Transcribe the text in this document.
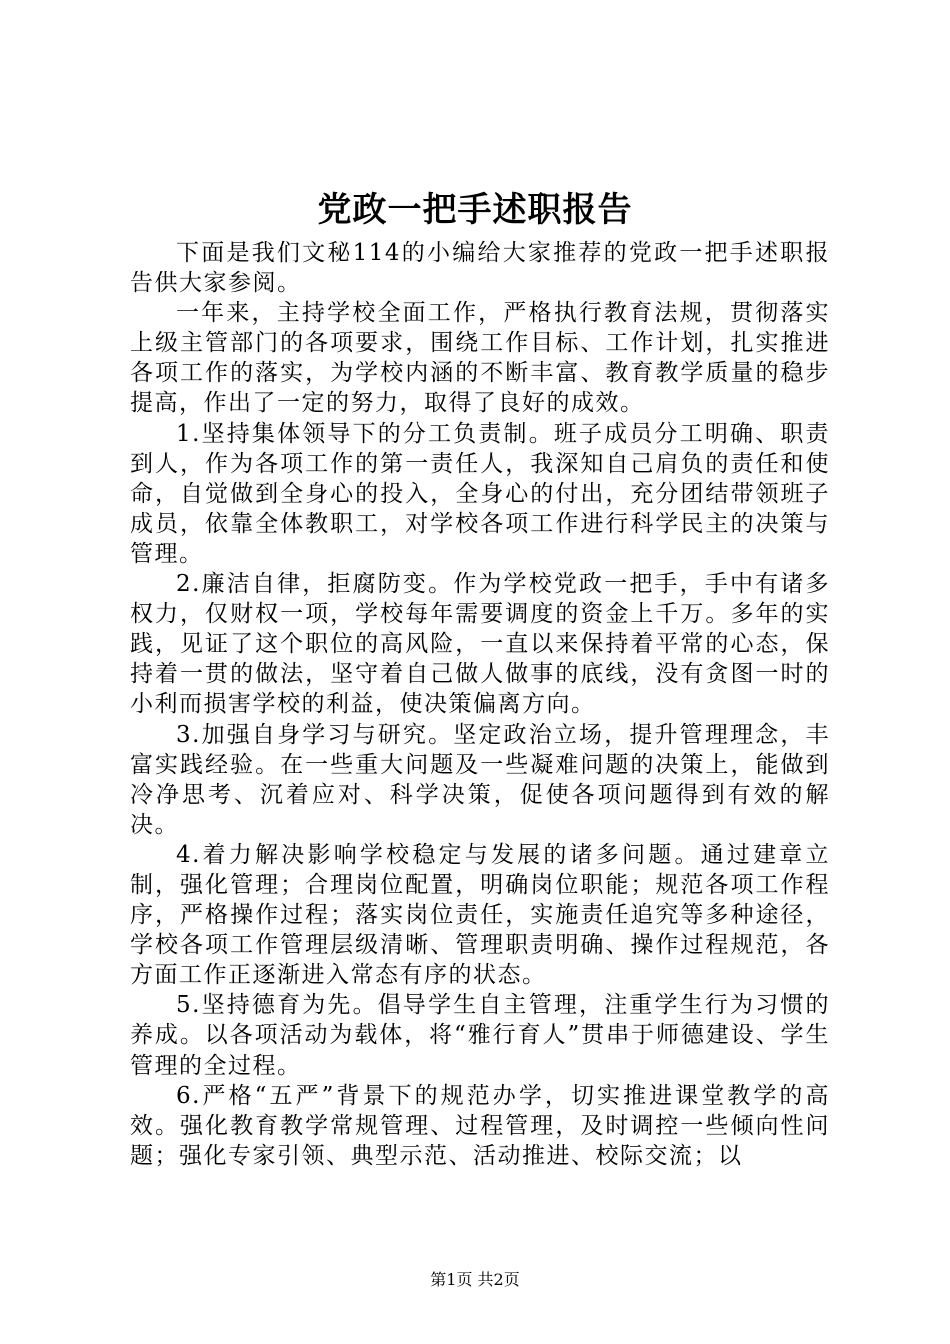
党政一把手述职报告

下面是我们文秘114的小编给大家推荐的党政一把手述职报告供大家参阅。

一年来，主持学校全面工作，严格执行教育法规，贯彻落实上级主管部门的各项要求，围绕工作目标、工作计划，扎实推进各项工作的落实，为学校内涵的不断丰富、教育教学质量的稳步提高，作出了一定的努力，取得了良好的成效。

1.坚持集体领导下的分工负责制。班子成员分工明确、职责到人，作为各项工作的第一责任人，我深知自己肩负的责任和使命，自觉做到全身心的投入，全身心的付出，充分团结带领班子成员，依靠全体教职工，对学校各项工作进行科学民主的决策与管理。

2.廉洁自律，拒腐防变。作为学校党政一把手，手中有诸多权力，仅财权一项，学校每年需要调度的资金上千万。多年的实践，见证了这个职位的高风险，一直以来保持着平常的心态，保持着一贯的做法，坚守着自己做人做事的底线，没有贪图一时的小利而损害学校的利益，使决策偏离方向。

3.加强自身学习与研究。坚定政治立场，提升管理理念，丰富实践经验。在一些重大问题及一些凝难问题的决策上，能做到冷净思考、沉着应对、科学决策，促使各项问题得到有效的解决。

4.着力解决影响学校稳定与发展的诸多问题。通过建章立制，强化管理；合理岗位配置，明确岗位职能；规范各项工作程序，严格操作过程；落实岗位责任，实施责任追究等多种途径，学校各项工作管理层级清晰、管理职责明确、操作过程规范，各方面工作正逐渐进入常态有序的状态。

5.坚持德育为先。倡导学生自主管理，注重学生行为习惯的养成。以各项活动为载体，将“雅行育人”贯串于师德建设、学生管理的全过程。

6.严格“五严”背景下的规范办学，切实推进课堂教学的高效。强化教育教学常规管理、过程管理，及时调控一些倾向性问题；强化专家引领、典型示范、活动推进、校际交流；以

第1页 共2页
